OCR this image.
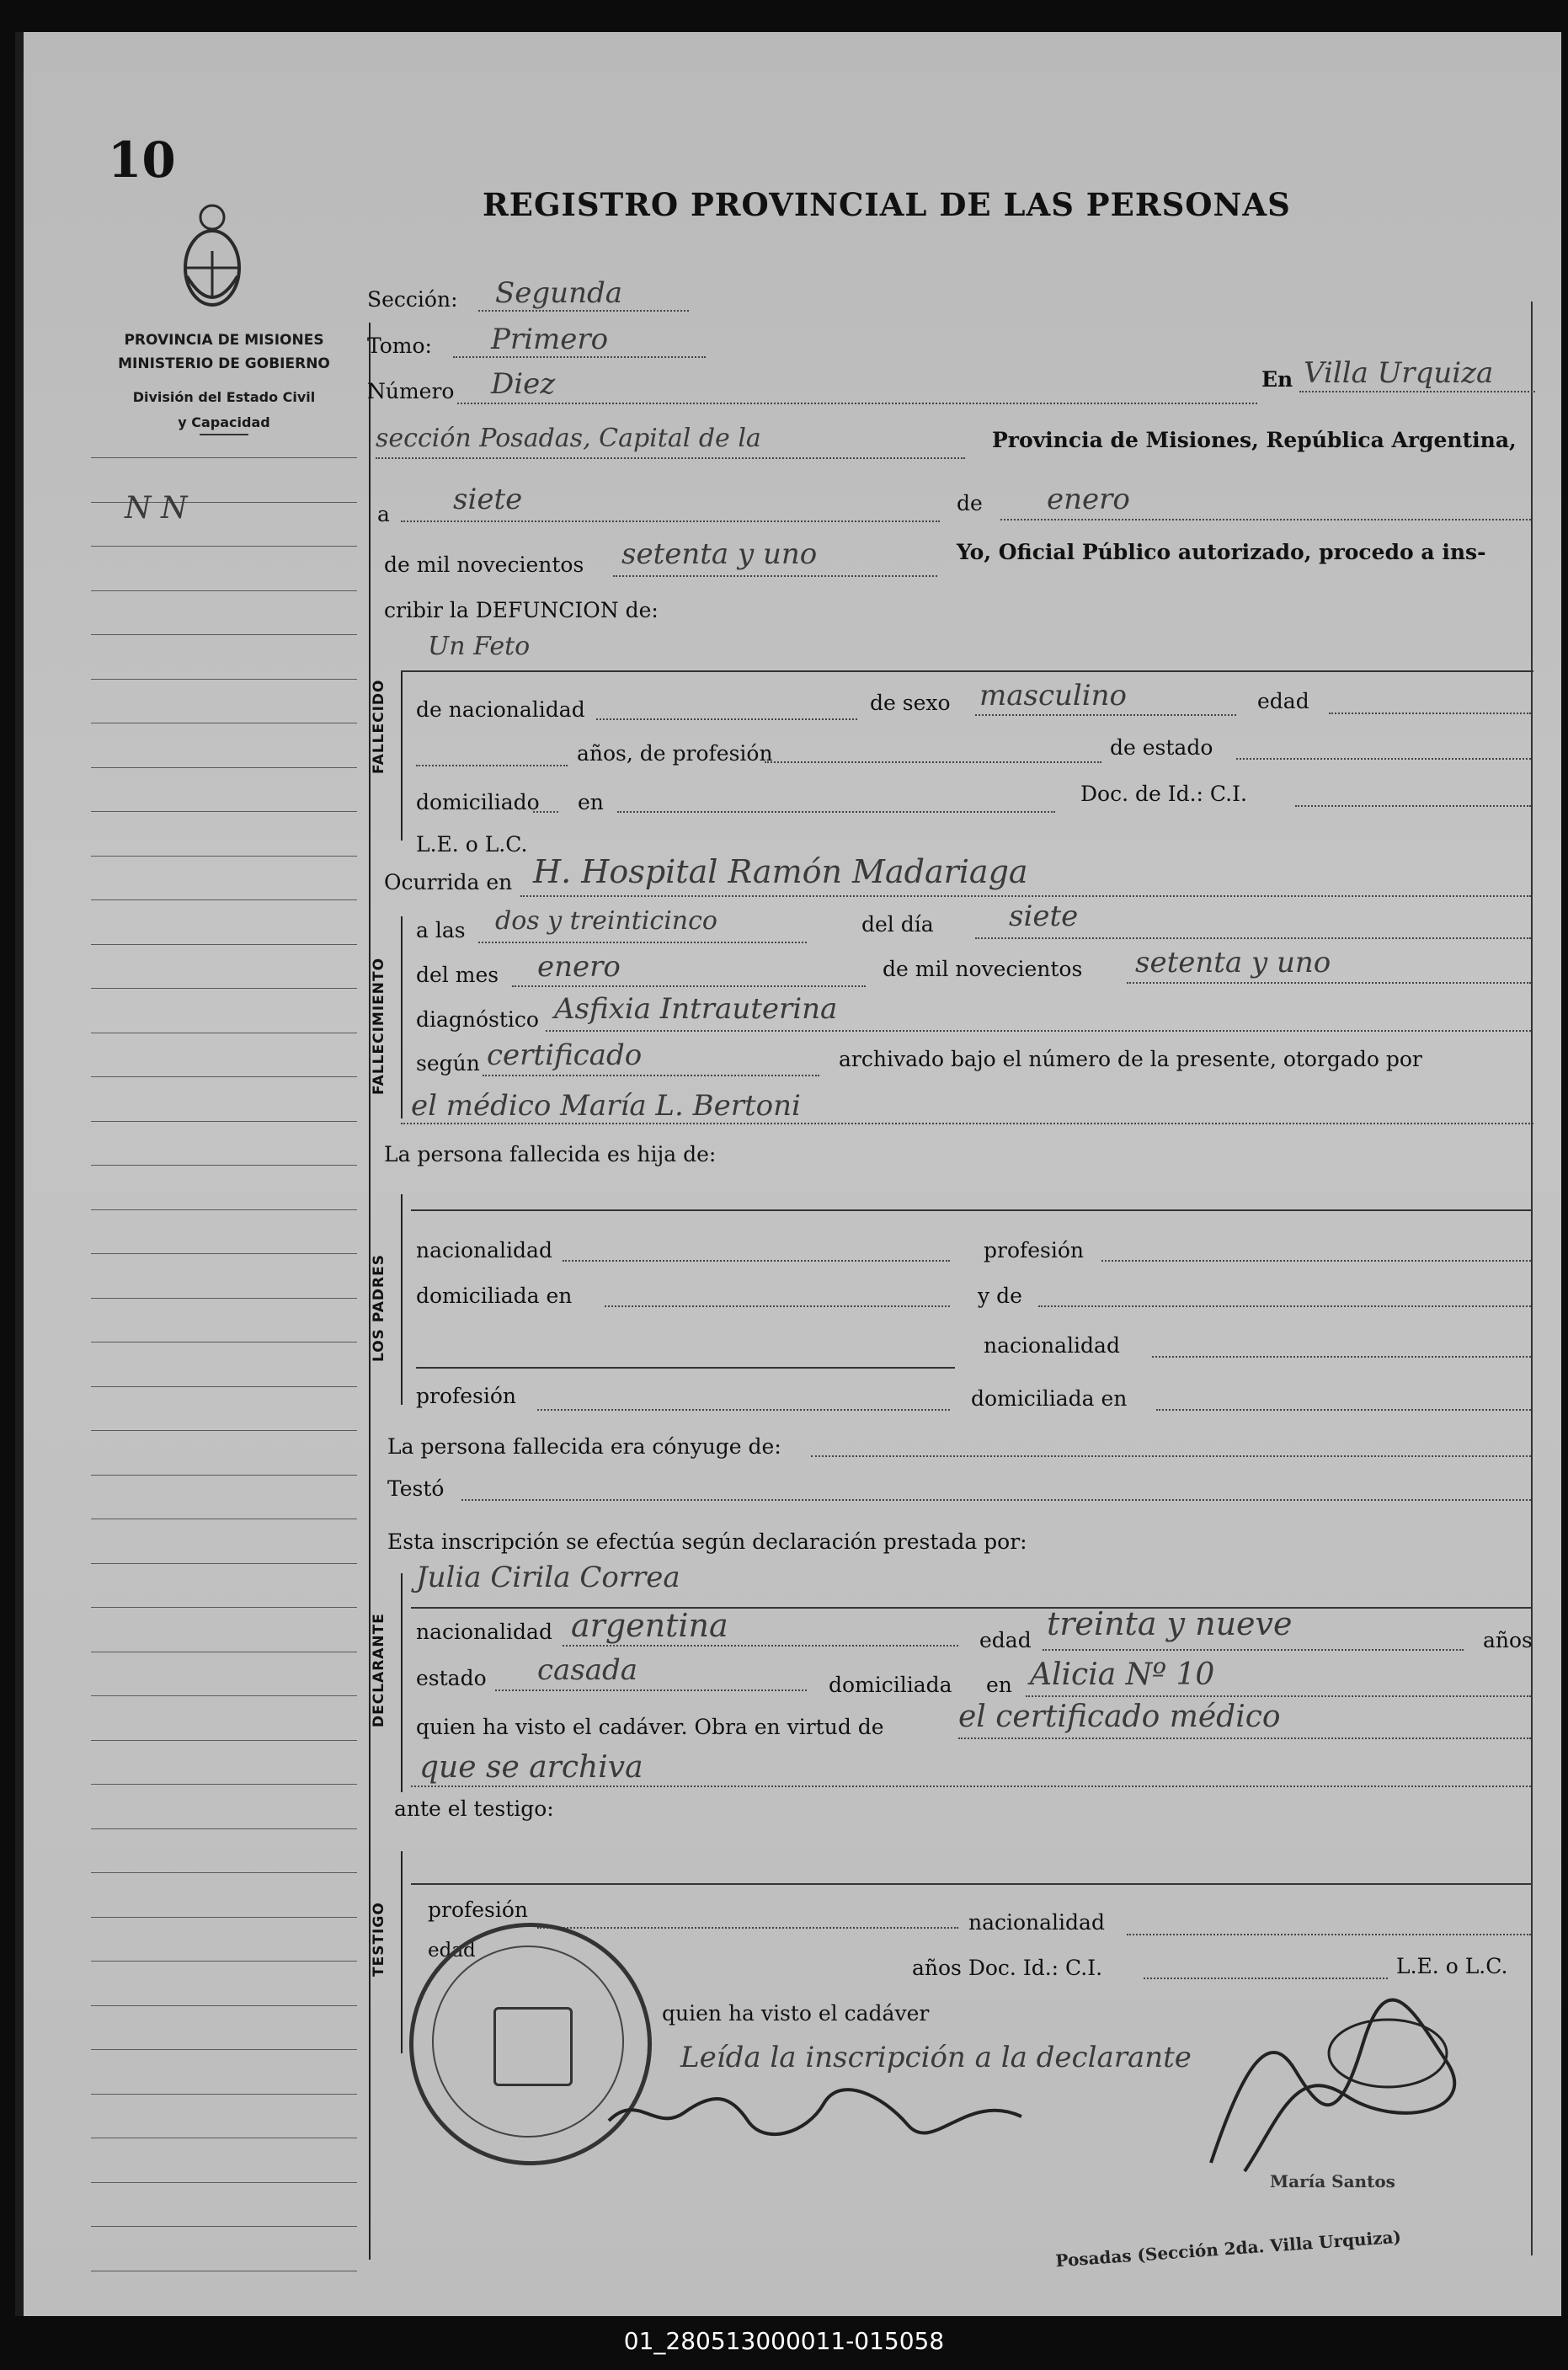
10
REGISTRO PROVINCIAL DE LAS PERSONAS
PROVINCIA DE MISIONES
MINISTERIO DE GOBIERNO
División del Estado Civil
y Capacidad
N N
Sección: Segunda
Tomo: Primero
Número Diez	En Villa Urquiza
sección Posadas, Capital de la	Provincia de Misiones, República Argentina,
a siete	de enero
de mil novecientos setenta y uno	Yo, Oficial Público autorizado, procedo a ins-
cribir la DEFUNCION de:
FALLECIDO
Un Feto
de nacionalidad	de sexo masculino	edad
años, de profesión	de estado
domiciliado en	Doc. de Id.: C.I.
L.E. o L.C.
Ocurrida en H. Hospital Ramón Madariaga
FALLECIMIENTO
a las dos y treinticinco	del día	siete
del mes enero	de mil novecientos setenta y uno
diagnóstico Asfixia Intrauterina
según certificado	archivado bajo el número de la presente, otorgado por
el médico María L. Bertoni
La persona fallecida es hija de:
LOS PADRES
nacionalidad	profesión
domiciliada en	y de
nacionalidad
profesión	domiciliada en
La persona fallecida era cónyuge de:
Testó
Esta inscripción se efectúa según declaración prestada por:
DECLARANTE
Julia Cirila Correa
nacionalidad argentina	edad treinta y nueve	años
estado casada	domiciliada en Alicia Nº 10
quien ha visto el cadáver. Obra en virtud de el certificado médico
que se archiva
ante el testigo:
TESTIGO	profesión
nacionalidad
edad
años Doc. Id.: C.I.	L.E. o L.C.
quien ha visto el cadáver
Leída la inscripción a la declarante
María Santos
Posadas (Sección 2da. Villa Urquiza)
01_280513000011-015058
